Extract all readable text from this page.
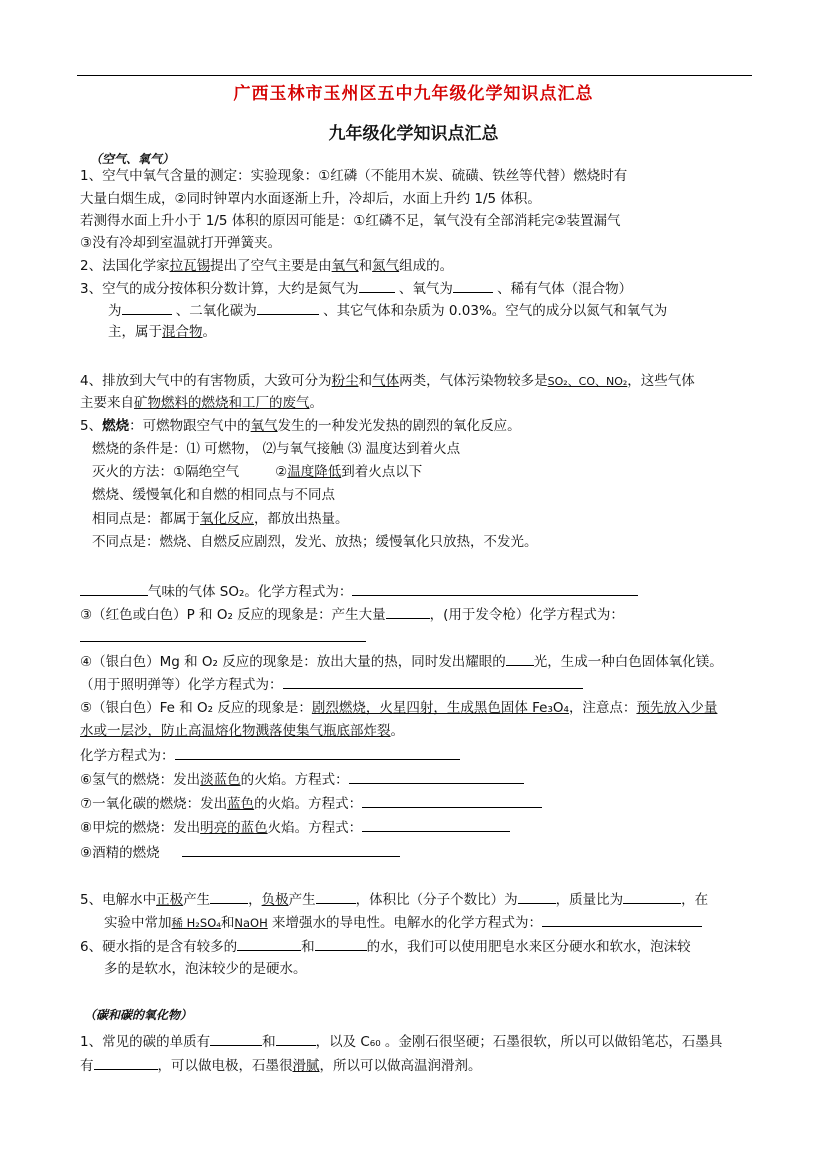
广西玉林市玉州区五中九年级化学知识点汇总
九年级化学知识点汇总
（空气、氧气）
1、空气中氧气含量的测定：实验现象：①红磷（不能用木炭、硫磺、铁丝等代替）燃烧时有
大量白烟生成，②同时钟罩内水面逐渐上升，冷却后，水面上升约 1/5 体积。
若测得水面上升小于 1/5 体积的原因可能是：①红磷不足，氧气没有全部消耗完②装置漏气
③没有冷却到室温就打开弹簧夹。
2、法国化学家拉瓦锡提出了空气主要是由氧气和氮气组成的。
3、空气的成分按体积分数计算，大约是氮气为	、氧气为	、稀有气体（混合物）
为	、二氧化碳为	、其它气体和杂质为 0.03%。空气的成分以氮气和氧气为
主，属于混合物。
4、排放到大气中的有害物质，大致可分为粉尘和气体两类，气体污染物较多是SO₂、CO、NO₂，这些气体
主要来自矿物燃料的燃烧和工厂的废气。
5、燃烧：可燃物跟空气中的氧气发生的一种发光发热的剧烈的氧化反应。
燃烧的条件是：⑴ 可燃物， ⑵与氧气接触 ⑶ 温度达到着火点
灭火的方法：①隔绝空气	②温度降低到着火点以下
燃烧、缓慢氧化和自燃的相同点与不同点
相同点是：都属于氧化反应，都放出热量。
不同点是：燃烧、自燃反应剧烈，发光、放热；缓慢氧化只放热，不发光。
气味的气体 SO₂。化学方程式为：
③（红色或白色）P 和 O₂ 反应的现象是：产生大量	，(用于发令枪）化学方程式为：
④（银白色）Mg 和 O₂ 反应的现象是：放出大量的热，同时发出耀眼的 光，生成一种白色固体氧化镁。
（用于照明弹等）化学方程式为：
⑤（银白色）Fe 和 O₂ 反应的现象是：剧烈燃烧，火星四射，生成黑色固体 Fe₃O₄，注意点：预先放入少量
水或一层沙，防止高温熔化物溅落使集气瓶底部炸裂。
化学方程式为：
⑥氢气的燃烧：发出淡蓝色的火焰。方程式：
⑦一氧化碳的燃烧：发出蓝色的火焰。方程式：
⑧甲烷的燃烧：发出明亮的蓝色火焰。方程式：
⑨酒精的燃烧
5、电解水中正极产生	，负极产生	，体积比（分子个数比）为	，质量比为	，在
实验中常加稀 H₂SO₄和NaOH 来增强水的导电性。电解水的化学方程式为：
6、硬水指的是含有较多的	和	的水，我们可以使用肥皂水来区分硬水和软水，泡沫较
多的是软水，泡沫较少的是硬水。
（碳和碳的氧化物）
1、常见的碳的单质有	和	，以及 C₆₀ 。金刚石很坚硬；石墨很软，所以可以做铅笔芯，石墨具
有	，可以做电极，石墨很滑腻，所以可以做高温润滑剂。
